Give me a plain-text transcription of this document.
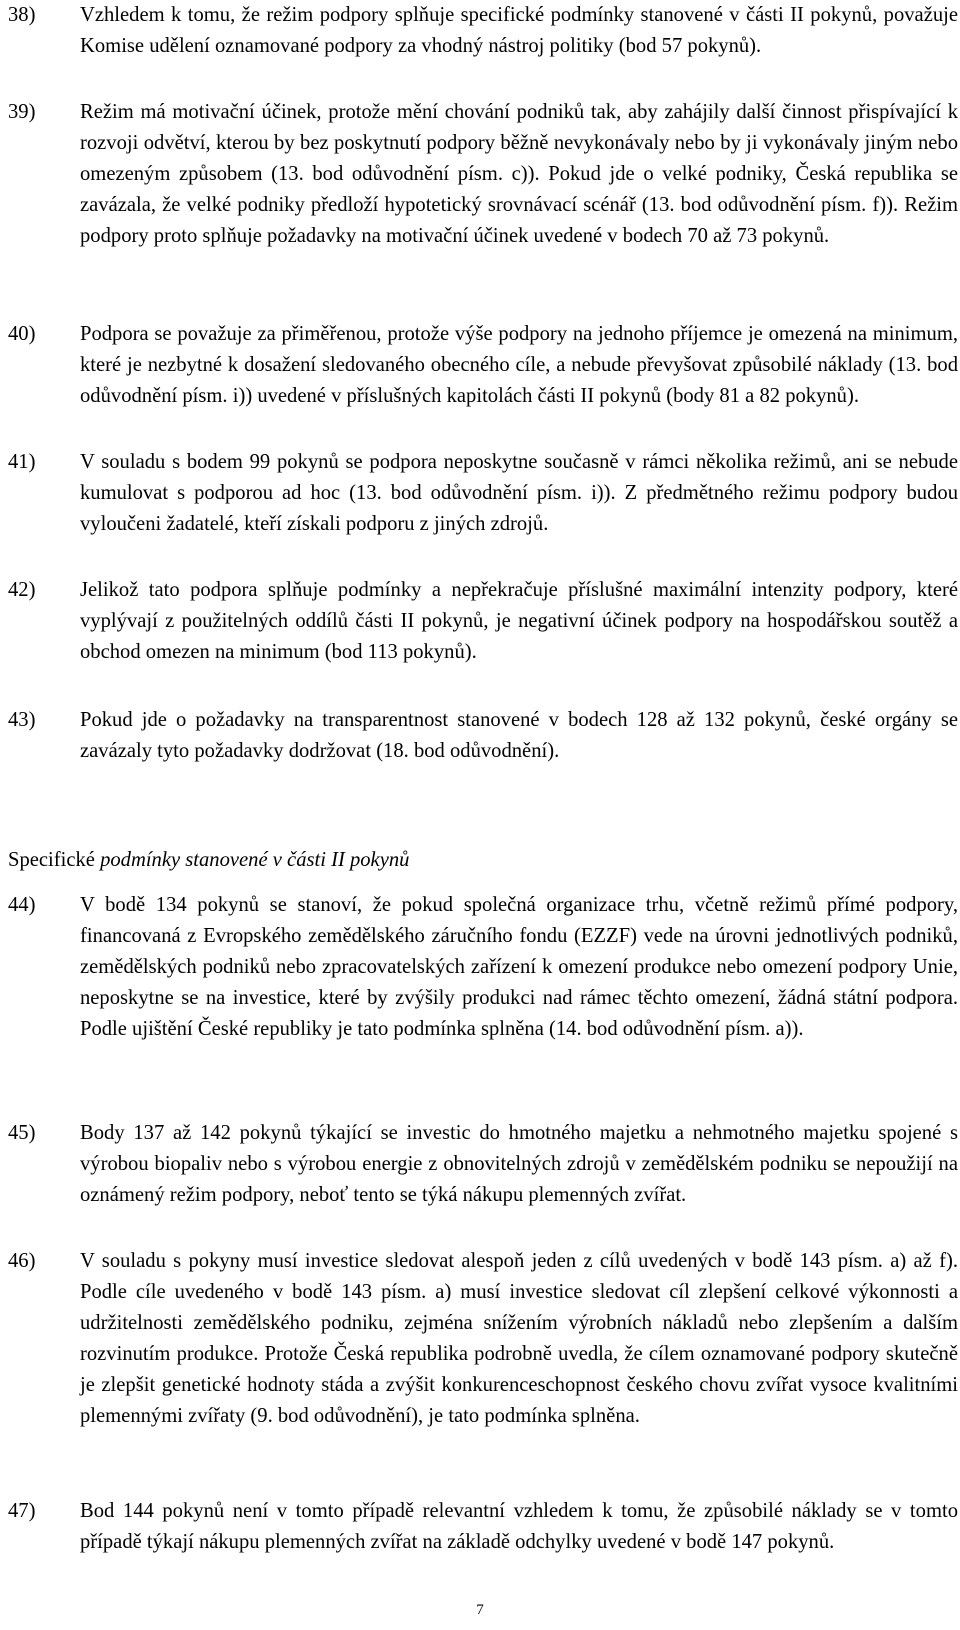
38)	Vzhledem k tomu, že režim podpory splňuje specifické podmínky stanovené v části II pokynů, považuje Komise udělení oznamované podpory za vhodný nástroj politiky (bod 57 pokynů).
39)	Režim má motivační účinek, protože mění chování podniků tak, aby zahájily další činnost přispívající k rozvoji odvětví, kterou by bez poskytnutí podpory běžně nevykonávaly nebo by ji vykonávaly jiným nebo omezeným způsobem (13. bod odůvodnění písm. c)). Pokud jde o velké podniky, Česká republika se zavázala, že velké podniky předloží hypotetický srovnávací scénář (13. bod odůvodnění písm. f)). Režim podpory proto splňuje požadavky na motivační účinek uvedené v bodech 70 až 73 pokynů.
40)	Podpora se považuje za přiměřenou, protože výše podpory na jednoho příjemce je omezená na minimum, které je nezbytné k dosažení sledovaného obecného cíle, a nebude převyšovat způsobilé náklady (13. bod odůvodnění písm. i)) uvedené v příslušných kapitolách části II pokynů (body 81 a 82 pokynů).
41)	V souladu s bodem 99 pokynů se podpora neposkytne současně v rámci několika režimů, ani se nebude kumulovat s podporou ad hoc (13. bod odůvodnění písm. i)). Z předmětného režimu podpory budou vyloučeni žadatelé, kteří získali podporu z jiných zdrojů.
42)	Jelikož tato podpora splňuje podmínky a nepřekračuje příslušné maximální intenzity podpory, které vyplývají z použitelných oddílů části II pokynů, je negativní účinek podpory na hospodářskou soutěž a obchod omezen na minimum (bod 113 pokynů).
43)	Pokud jde o požadavky na transparentnost stanovené v bodech 128 až 132 pokynů, české orgány se zavázaly tyto požadavky dodržovat (18. bod odůvodnění).
Specifické podmínky stanovené v části II pokynů
44)	V bodě 134 pokynů se stanoví, že pokud společná organizace trhu, včetně režimů přímé podpory, financovaná z Evropského zemědělského záručního fondu (EZZF) vede na úrovni jednotlivých podniků, zemědělských podniků nebo zpracovatelských zařízení k omezení produkce nebo omezení podpory Unie, neposkytne se na investice, které by zvýšily produkci nad rámec těchto omezení, žádná státní podpora. Podle ujištění České republiky je tato podmínka splněna (14. bod odůvodnění písm. a)).
45)	Body 137 až 142 pokynů týkající se investic do hmotného majetku a nehmotného majetku spojené s výrobou biopaliv nebo s výrobou energie z obnovitelných zdrojů v zemědělském podniku se nepoužijí na oznámený režim podpory, neboť tento se týká nákupu plemenných zvířat.
46)	V souladu s pokyny musí investice sledovat alespoň jeden z cílů uvedených v bodě 143 písm. a) až f). Podle cíle uvedeného v bodě 143 písm. a) musí investice sledovat cíl zlepšení celkové výkonnosti a udržitelnosti zemědělského podniku, zejména snížením výrobních nákladů nebo zlepšením a dalším rozvinutím produkce. Protože Česká republika podrobně uvedla, že cílem oznamované podpory skutečně je zlepšit genetické hodnoty stáda a zvýšit konkurenceschopnost českého chovu zvířat vysoce kvalitními plemennými zvířaty (9. bod odůvodnění), je tato podmínka splněna.
47)	Bod 144 pokynů není v tomto případě relevantní vzhledem k tomu, že způsobilé náklady se v tomto případě týkají nákupu plemenných zvířat na základě odchylky uvedené v bodě 147 pokynů.
7
